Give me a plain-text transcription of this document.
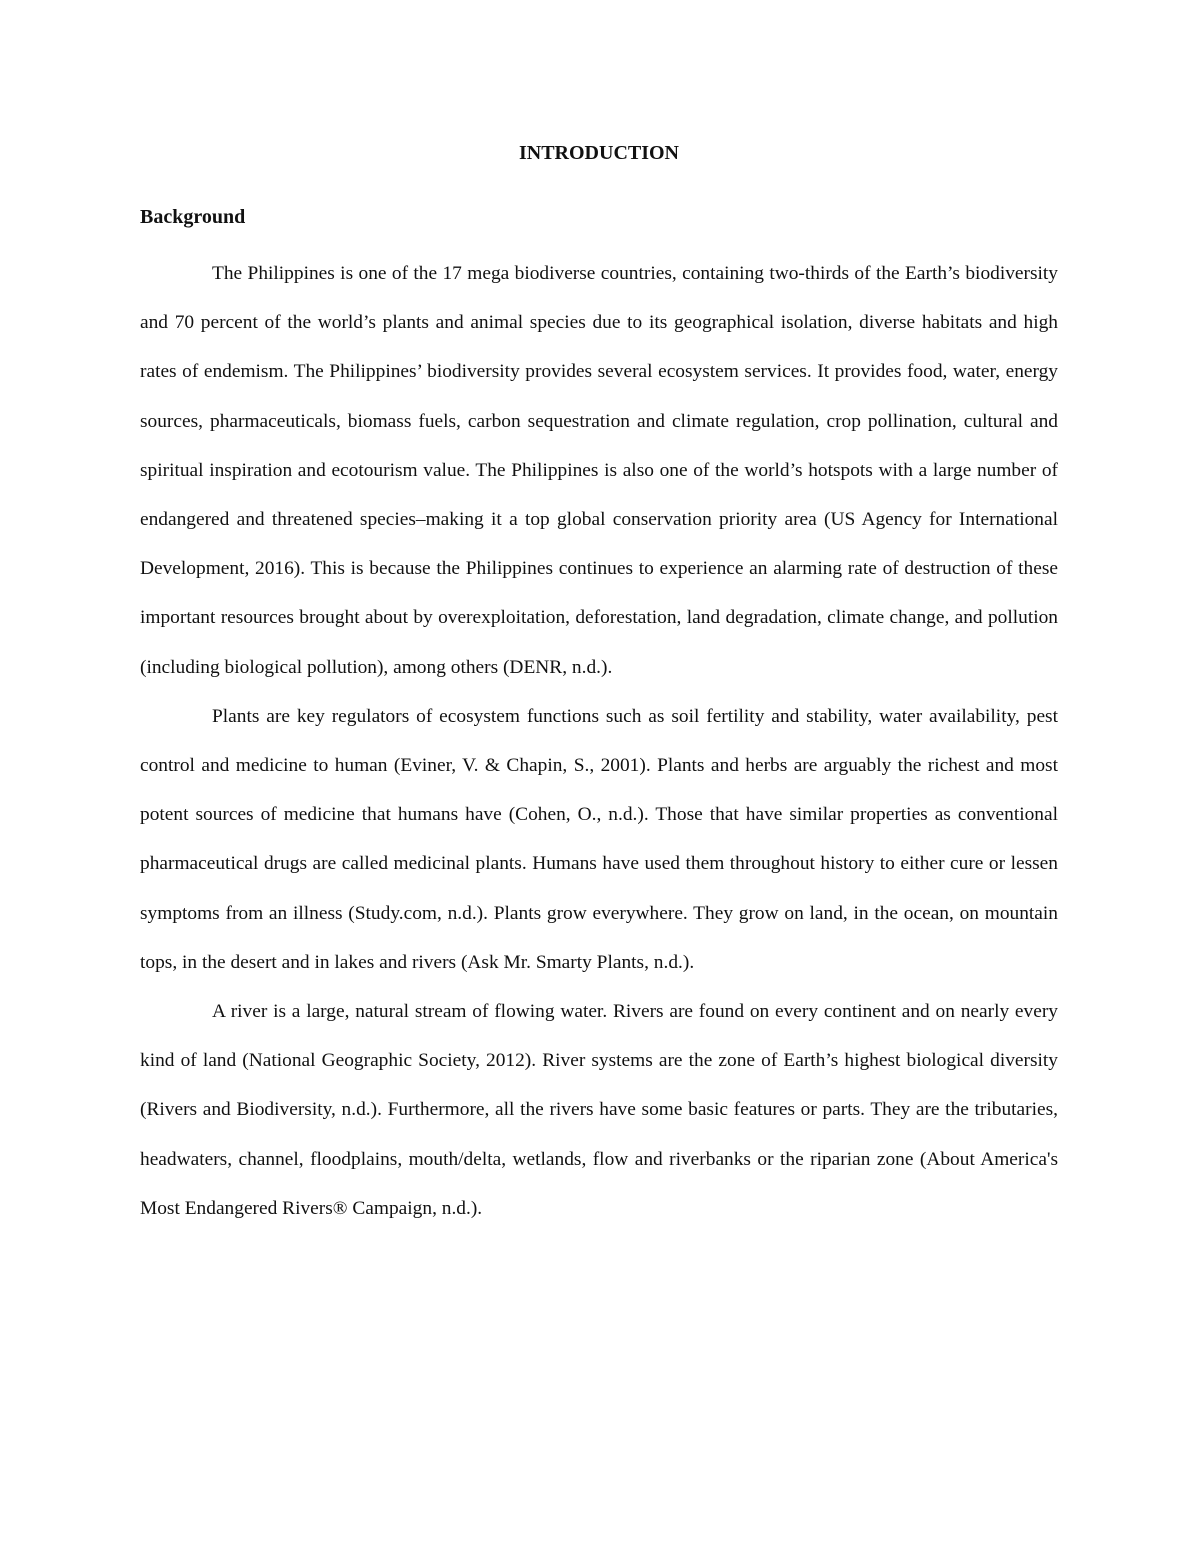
INTRODUCTION
Background

The Philippines is one of the 17 mega biodiverse countries, containing two-thirds of the Earth’s biodiversity and 70 percent of the world’s plants and animal species due to its geographical isolation, diverse habitats and high rates of endemism. The Philippines’ biodiversity provides several ecosystem services. It provides food, water, energy sources, pharmaceuticals, biomass fuels, carbon sequestration and climate regulation, crop pollination, cultural and spiritual inspiration and ecotourism value. The Philippines is also one of the world’s hotspots with a large number of endangered and threatened species–making it a top global conservation priority area (US Agency for International Development, 2016). This is because the Philippines continues to experience an alarming rate of destruction of these important resources brought about by overexploitation, deforestation, land degradation, climate change, and pollution (including biological pollution), among others (DENR, n.d.).

Plants are key regulators of ecosystem functions such as soil fertility and stability, water availability, pest control and medicine to human (Eviner, V. & Chapin, S., 2001). Plants and herbs are arguably the richest and most potent sources of medicine that humans have (Cohen, O., n.d.). Those that have similar properties as conventional pharmaceutical drugs are called medicinal plants. Humans have used them throughout history to either cure or lessen symptoms from an illness (Study.com, n.d.). Plants grow everywhere. They grow on land, in the ocean, on mountain tops, in the desert and in lakes and rivers (Ask Mr. Smarty Plants, n.d.).

A river is a large, natural stream of flowing water. Rivers are found on every continent and on nearly every kind of land (National Geographic Society, 2012). River systems are the zone of Earth’s highest biological diversity (Rivers and Biodiversity, n.d.). Furthermore, all the rivers have some basic features or parts. They are the tributaries, headwaters, channel, floodplains, mouth/delta, wetlands, flow and riverbanks or the riparian zone (About America's Most Endangered Rivers® Campaign, n.d.).
